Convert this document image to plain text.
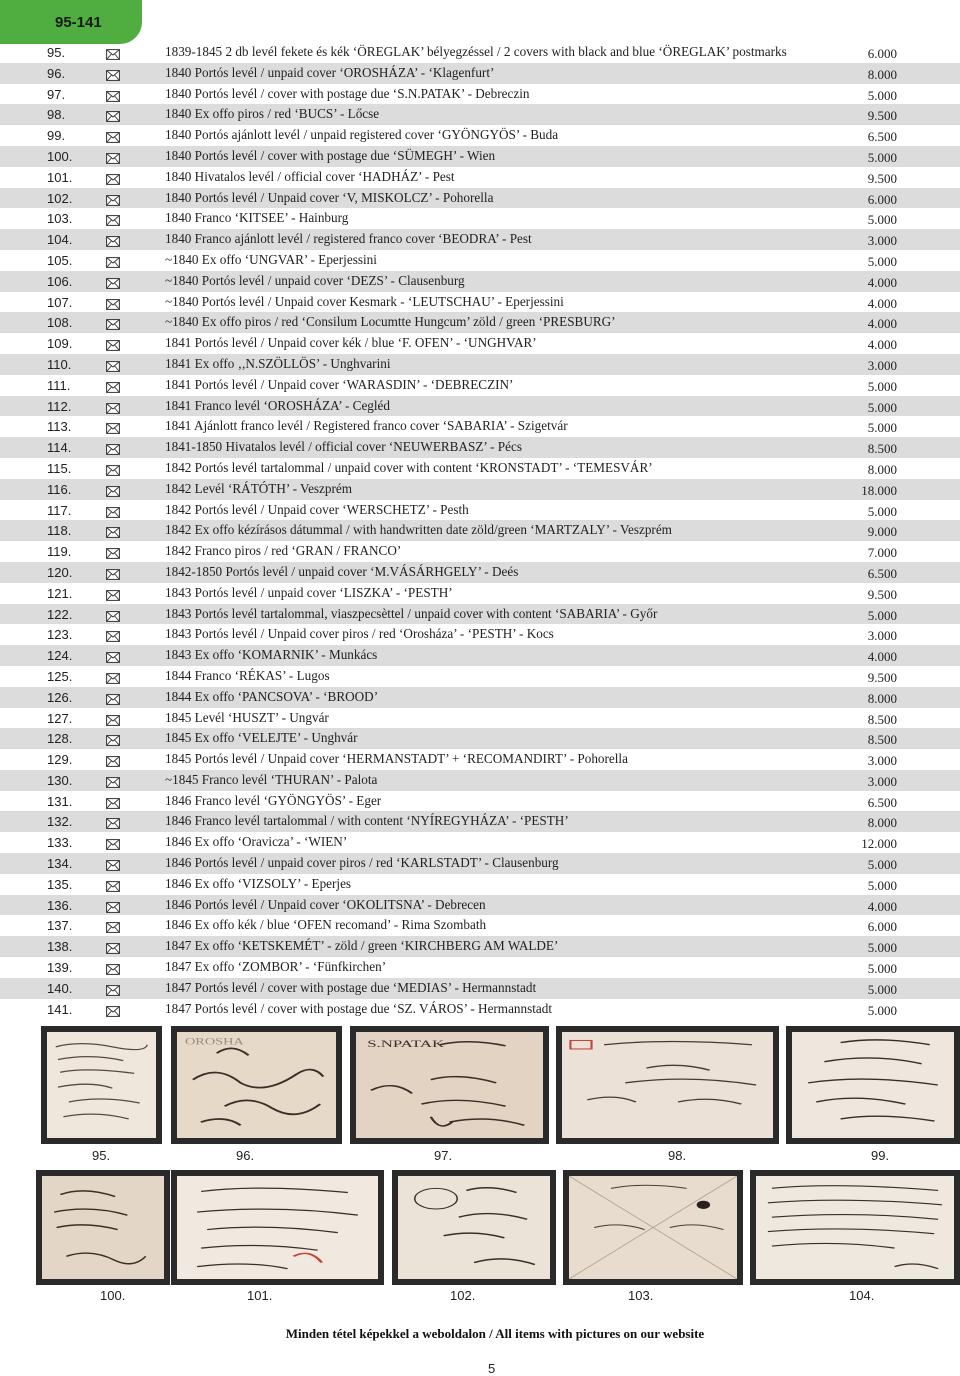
95-141
95.	1839-1845 2 db levél fekete és kék ‘ÖREGLAK’ bélyegzéssel / 2 covers with black and blue ‘ÖREGLAK’ postmarks	6.000
96.	1840 Portós levél / unpaid cover ‘OROSHÁZA’ - ‘Klagenfurt’	8.000
97.	1840 Portós levél / cover with postage due ‘S.N.PATAK’ - Debreczin	5.000
98.	1840 Ex offo piros / red ‘BUCS’ - Lőcse	9.500
99.	1840 Portós ajánlott levél / unpaid registered cover ‘GYÖNGYÖS’ - Buda	6.500
100.	1840 Portós levél / cover with postage due ‘SÜMEGH’ - Wien	5.000
101.	1840 Hivatalos levél / official cover ‘HADHÁZ’ - Pest	9.500
102.	1840 Portós levél / Unpaid cover ‘V, MISKOLCZ’ - Pohorella	6.000
103.	1840 Franco ‘KITSEE’ - Hainburg	5.000
104.	1840 Franco ajánlott levél / registered franco cover ‘BEODRA’ - Pest	3.000
105.	~1840 Ex offo ‘UNGVAR’ - Eperjessini	5.000
106.	~1840 Portós levél / unpaid cover ‘DEZS’ - Clausenburg	4.000
107.	~1840 Portós levél / Unpaid cover Kesmark - ‘LEUTSCHAU’ - Eperjessini	4.000
108.	~1840 Ex offo piros / red ‘Consilum Locumtte Hungcum’ zöld / green ‘PRESBURG’	4.000
109.	1841 Portós levél / Unpaid cover kék / blue ‘F. OFEN’ - ‘UNGHVAR’	4.000
110.	1841 Ex offo ‚,N.SZÖLLÖS’ - Unghvarini	3.000
111.	1841 Portós levél / Unpaid cover ‘WARASDIN’ - ‘DEBRECZIN’	5.000
112.	1841 Franco levél ‘OROSHÁZA’ - Cegléd	5.000
113.	1841 Ajánlott franco levél / Registered franco cover ‘SABARIA’ - Szigetvár	5.000
114.	1841-1850 Hivatalos levél / official cover ‘NEUWERBASZ’ - Pécs	8.500
115.	1842 Portós levél tartalommal / unpaid cover with content ‘KRONSTADT’ - ‘TEMESVÁR’	8.000
116.	1842 Levél ‘RÁTÓTH’ - Veszprém	18.000
117.	1842 Portós levél / Unpaid cover ‘WERSCHETZ’ - Pesth	5.000
118.	1842 Ex offo kézírásos dátummal / with handwritten date zöld/green ‘MARTZALY’ - Veszprém	9.000
119.	1842 Franco piros / red ‘GRAN / FRANCO’	7.000
120.	1842-1850 Portós levél / unpaid cover ‘M.VÁSÁRHGELY’ - Deés	6.500
121.	1843 Portós levél / unpaid cover ‘LISZKA’ - ‘PESTH’	9.500
122.	1843 Portós levél tartalommal, viaszpecsèttel / unpaid cover with content ‘SABARIA’ - Győr	5.000
123.	1843 Portós levél / Unpaid cover piros / red ‘Orosháza’ - ‘PESTH’ - Kocs	3.000
124.	1843 Ex offo ‘KOMARNIK’ - Munkács	4.000
125.	1844 Franco ‘RÉKAS’ - Lugos	9.500
126.	1844 Ex offo ‘PANCSOVA’ - ‘BROOD’	8.000
127.	1845 Levél ‘HUSZT’ - Ungvár	8.500
128.	1845 Ex offo ‘VELEJTE’ - Unghvár	8.500
129.	1845 Portós levél / Unpaid cover ‘HERMANSTADT’ + ‘RECOMANDIRT’ - Pohorella	3.000
130.	~1845 Franco levél ‘THURAN’ - Palota	3.000
131.	1846 Franco levél ‘GYÖNGYÖS’ - Eger	6.500
132.	1846 Franco levél tartalommal / with content ‘NYÍREGYHÁZA’ - ‘PESTH’	8.000
133.	1846 Ex offo ‘Oravicza’ - ‘WIEN’	12.000
134.	1846 Portós levél / unpaid cover piros / red ‘KARLSTADT’ - Clausenburg	5.000
135.	1846 Ex offo ‘VIZSOLY’ - Eperjes	5.000
136.	1846 Portós levél / Unpaid cover ‘OKOLITSNA’ - Debrecen	4.000
137.	1846 Ex offo kék / blue ‘OFEN recomand’ - Rima Szombath	6.000
138.	1847 Ex offo ‘KETSKEMÉT’ - zöld / green ‘KIRCHBERG AM WALDE’	5.000
139.	1847 Ex offo ‘ZOMBOR’ - ‘Fünfkirchen’	5.000
140.	1847 Portós levél / cover with postage due ‘MEDIAS’ - Hermannstadt	5.000
141.	1847 Portós levél / cover with postage due ‘SZ. VÁROS’ - Hermannstadt	5.000
OROSHA	S.NPATAK
95.	96.	97.	98.	99.
100.	101.	102.	103.	104.
Minden tétel képekkel a weboldalon / All items with pictures on our website
5
